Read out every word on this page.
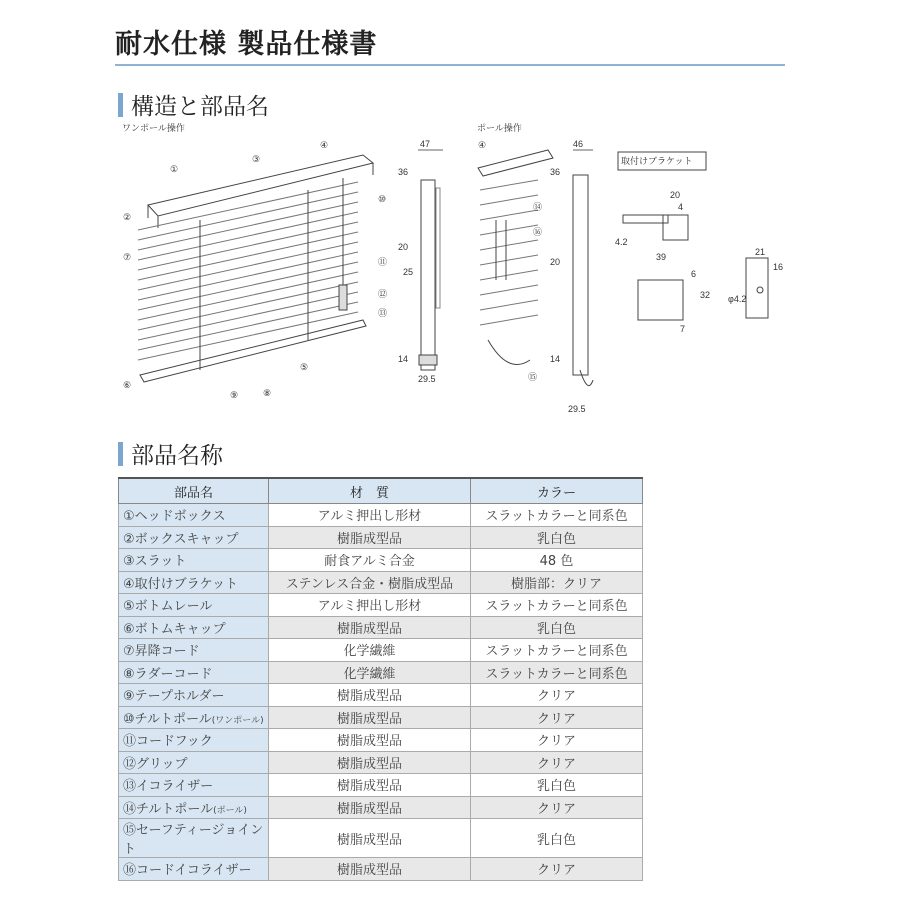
耐水仕様 製品仕様書
構造と部品名
ワンポール操作	ポール操作
①
②
③
④
⑤
⑥
⑦
⑧
⑨
⑩
⑪
⑫
⑬
④
⑭
⑯
⑮
47
36
20
25
14
29.5
46
36
20
14
29.5
取付けブラケット
20
4
4.2
39
6
32
7
21
16
φ4.2
部品名称
部品名	材　質	カラー
①ヘッドボックス	アルミ押出し形材	スラットカラーと同系色
②ボックスキャップ	樹脂成型品	乳白色
③スラット	耐食アルミ合金	48 色
④取付けブラケット	ステンレス合金・樹脂成型品	樹脂部：クリア
⑤ボトムレール	アルミ押出し形材	スラットカラーと同系色
⑥ボトムキャップ	樹脂成型品	乳白色
⑦昇降コード	化学繊維	スラットカラーと同系色
⑧ラダーコード	化学繊維	スラットカラーと同系色
⑨テープホルダー	樹脂成型品	クリア
⑩チルトポール(ワンポール)	樹脂成型品	クリア
⑪コードフック	樹脂成型品	クリア
⑫グリップ	樹脂成型品	クリア
⑬イコライザー	樹脂成型品	乳白色
⑭チルトポール(ポール)	樹脂成型品	クリア
⑮セーフティージョイント	樹脂成型品	乳白色
⑯コードイコライザー	樹脂成型品	クリア
